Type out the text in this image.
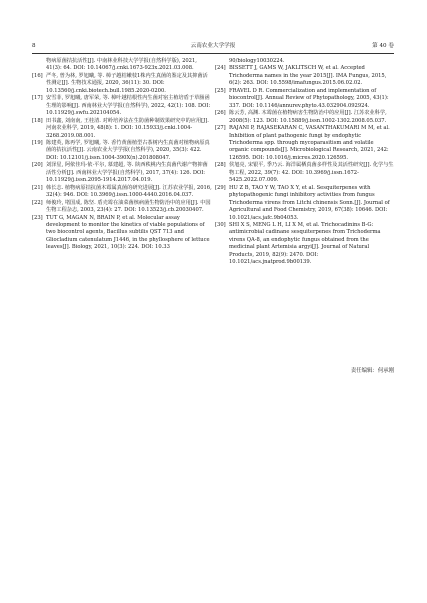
8	云南农业大学学报	第 40 卷

物病原菌拮抗活性[J]. 中南林业科技大学学报(自然科学版), 2021, 41(3): 64. DOI: 10.14067/j.cnki.1673-923x.2021.03.008.

[16] 严冬, 曾为林, 罗旭曦, 等. 樟子越桔嫩枝1株内生真菌的鉴定及其抑菌活性测定[J]. 生物技术通报, 2020, 36(11): 30. DOI: 10.13560/j.cnki.biotech.bull.1985.2020-0200.
[17] 安雪菲, 罗旭曦, 唐军荣, 等. 樟叶越桔根性内生菌对宿主植培盾于草肠函生理的影响[J]. 西南林业大学学报(自然科学), 2022, 42(1): 108. DOI: 10.11929/j.swfu.202104054.
[18] 田书鑫, 刘南南, 王桂清. 对岭培养法在生防菌种制效果研究中的应用[J]. 河南农业科学, 2019, 48(8): 1. DOI: 10.15933/j.cnki.1004-3268.2019.08.001.
[19] 陈建英, 陈再学, 罗旭曦, 等. 香竹黄菌植型古茶树内生真菌对植物病原真菌的拮抗活性[J]. 云南农业大学学报(自然科学), 2020, 35(3): 422. DOI: 10.12101/j.issn.1004-390X(n).201808047.
[20] 刘泽星, 阿依佳玛·依·平尔, 慕建超, 等. 陕西秩桃内生真菌代谢产物抑菌活性分析[J]. 西南林业大学学报(自然科学), 2017, 37(4): 126. DOI: 10.11929/j.issn.2095-1914.2017.04.019.
[21] 韩长志. 植物病原拮抗菌木霉属真菌的研究进展[J]. 江苏农业学报, 2016, 32(4): 946. DOI: 10.3969/j.issn.1000-4440.2016.04.037.
[22] 师俊玲, 堵国成, 陈坚. 盾壳霉在油菜菌核病菌生物防治中的应用[J]. 中国生物工程杂志, 2003, 23(4): 27. DOI: 10.13523/j.cb.20030407.
[23] TUT G, MAGAN N, BRAIN P, et al. Molecular assay development to monitor the kinetics of viable populations of two biocontrol agents, Bacillus subtilis QST 713 and Gliocladium catenulatum J1446, in the phyllosphere of lettuce leaves[J]. Biology, 2021, 10(3): 224. DOI: 10.33

90/biology10030224.

[24] BISSETT J, GAMS W, JAKLITSCH W, et al. Accepted Trichoderma names in the year 2015[J]. IMA Fungus, 2015, 6(2): 263. DOI: 10.5598/imafungus.2015.06.02.02.
[25] FRAVEL D R. Commercialization and implementation of biocontrol[J]. Annual Review of Phytopathology, 2005, 43(1): 337. DOI: 10.1146/annurev.phyto.43.032904.092924.
[26] 陈云芳, 高渊. 木霉菌在植物病害生物防治中的应用[J]. 江苏农业科学, 2008(5): 123. DOI: 10.15889/j.issn.1002-1302.2008.05.037.
[27] RAJANI P, RAJASEKARAN C, VASANTHAKUMARI M M, et al. Inhibition of plant pathogenic fungi by endophytic Trichoderma spp. through mycoparasitism and volatile organic compounds[J]. Microbiological Research, 2021, 242: 126595. DOI: 10.1016/j.micres.2020.126595.
[28] 侯旭亮, 宋银平, 季乃云. 海洋属栖真菌多样性及其活性研究[J]. 化学与生物工程, 2022, 39(7): 42. DOI: 10.3969/j.issn.1672-5425.2022.07.009.
[29] HU Z B, TAO Y W, TAO X Y, et al. Sesquiterpenes with phytopathogenic fungi inhibitory activities from fungus Trichoderma virens from Litchi chinensis Sonn.[J]. Journal of Agricultural and Food Chemistry, 2019, 67(38): 10646. DOI: 10.1021/acs.jafc.9b04053.
[30] SHI X S, MENG L H, LI X M, et al. Trichocadinins B-G: antimicrobial cadinane sesquiterpenes from Trichoderma virens QA-8, an endophytic fungus obtained from the medicinal plant Artemisia argyi[J]. Journal of Natural Products, 2019, 82(9): 2470. DOI: 10.1021/acs.jnatprod.9b00139.
责任编辑：何承刚
